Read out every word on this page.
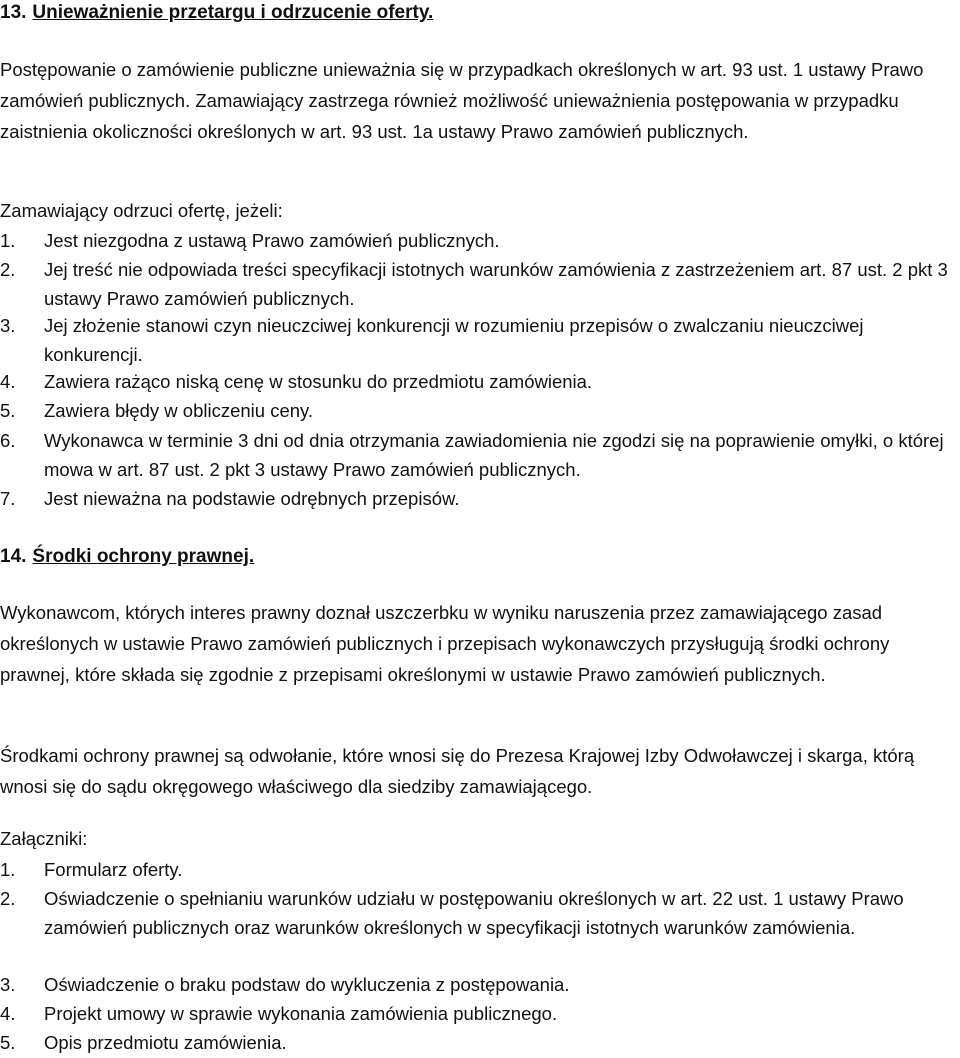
13. Unieważnienie przetargu i odrzucenie oferty.
Postępowanie o zamówienie publiczne unieważnia się w przypadkach określonych w art. 93 ust. 1 ustawy Prawo zamówień publicznych. Zamawiający zastrzega również możliwość unieważnienia postępowania w przypadku zaistnienia okoliczności określonych w art. 93 ust. 1a ustawy Prawo zamówień publicznych.
Zamawiający odrzuci ofertę, jeżeli:
1. Jest niezgodna z ustawą Prawo zamówień publicznych.
2. Jej treść nie odpowiada treści specyfikacji istotnych warunków zamówienia z zastrzeżeniem art. 87 ust. 2 pkt 3 ustawy Prawo zamówień publicznych.
3. Jej złożenie stanowi czyn nieuczciwej konkurencji w rozumieniu przepisów o zwalczaniu nieuczciwej konkurencji.
4. Zawiera rażąco niską cenę w stosunku do przedmiotu zamówienia.
5. Zawiera błędy w obliczeniu ceny.
6. Wykonawca w terminie 3 dni od dnia otrzymania zawiadomienia nie zgodzi się na poprawienie omyłki, o której mowa w art. 87 ust. 2 pkt 3 ustawy Prawo zamówień publicznych.
7. Jest nieważna na podstawie odrębnych przepisów.
14. Środki ochrony prawnej.
Wykonawcom, których interes prawny doznał uszczerbku w wyniku naruszenia przez zamawiającego zasad określonych w ustawie Prawo zamówień publicznych i przepisach wykonawczych przysługują środki ochrony prawnej, które składa się zgodnie z przepisami określonymi w ustawie Prawo zamówień publicznych.
Środkami ochrony prawnej są odwołanie, które wnosi się do Prezesa Krajowej Izby Odwoławczej i skarga, którą wnosi się do sądu okręgowego właściwego dla siedziby zamawiającego.
Załączniki:
1. Formularz oferty.
2. Oświadczenie o spełnianiu warunków udziału w postępowaniu określonych w art. 22 ust. 1 ustawy Prawo zamówień publicznych oraz warunków określonych w specyfikacji istotnych warunków zamówienia.
3. Oświadczenie o braku podstaw do wykluczenia z postępowania.
4. Projekt umowy w sprawie wykonania zamówienia publicznego.
5. Opis przedmiotu zamówienia.
